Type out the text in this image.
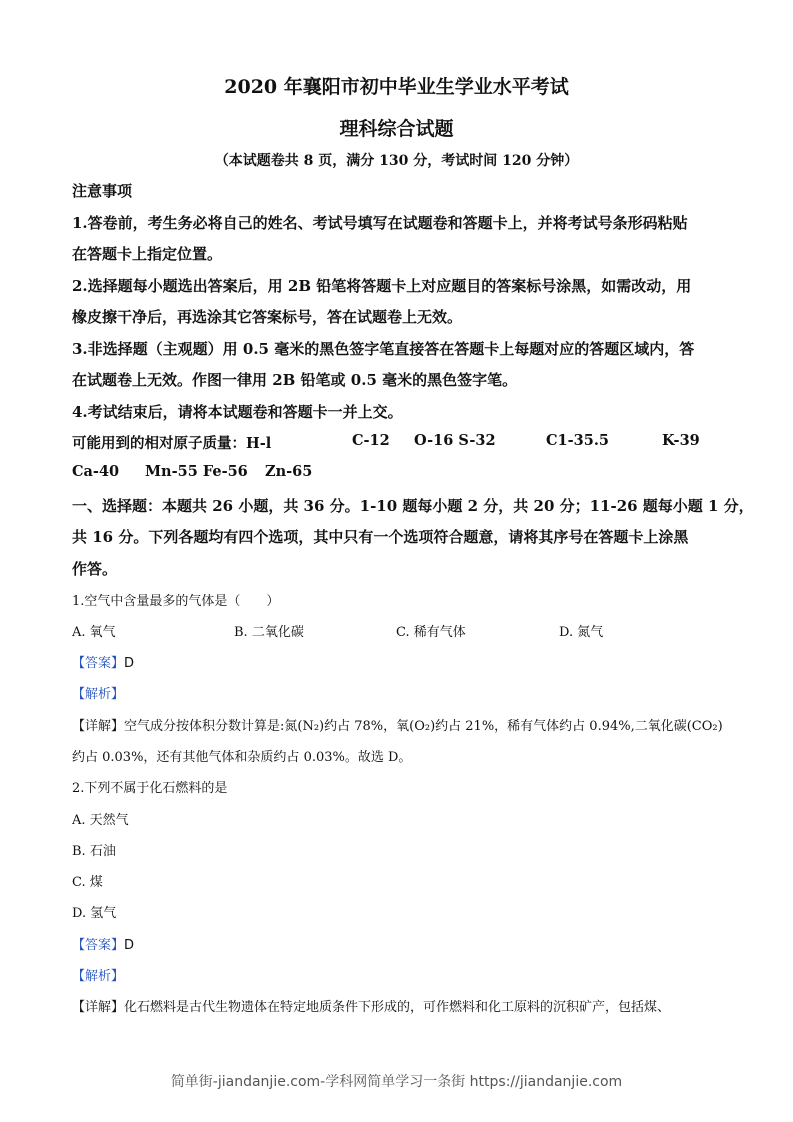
2020 年襄阳市初中毕业生学业水平考试
理科综合试题
（本试题卷共 8 页，满分 130 分，考试时间 120 分钟）
注意事项
1.答卷前，考生务必将自己的姓名、考试号填写在试题卷和答题卡上，并将考试号条形码粘贴
在答题卡上指定位置。
2.选择题每小题选出答案后，用 2B 铅笔将答题卡上对应题目的答案标号涂黑，如需改动，用
橡皮擦干净后，再选涂其它答案标号，答在试题卷上无效。
3.非选择题（主观题）用 0.5 毫米的黑色签字笔直接答在答题卡上每题对应的答题区域内，答
在试题卷上无效。作图一律用 2B 铅笔或 0.5 毫米的黑色签字笔。
4.考试结束后，请将本试题卷和答题卡一并上交。
可能用到的相对原子质量：H-l	C-12 O-16 S-32	C1-35.5	K-39
Ca-40 Mn-55 Fe-56 Zn-65
一、选择题：本题共 26 小题，共 36 分。1-10 题每小题 2 分，共 20 分；11-26 题每小题 1 分，
共 16 分。下列各题均有四个选项，其中只有一个选项符合题意，请将其序号在答题卡上涂黑
作答。
1.空气中含量最多的气体是（　　）
A. 氧气	B. 二氧化碳	C. 稀有气体	D. 氮气
【答案】D
【解析】
【详解】空气成分按体积分数计算是:氮(N₂)约占 78%，氧(O₂)约占 21%，稀有气体约占 0.94%,二氧化碳(CO₂)
约占 0.03%，还有其他气体和杂质约占 0.03%。故选 D。
2.下列不属于化石燃料的是
A. 天然气
B. 石油
C. 煤
D. 氢气
【答案】D
【解析】
【详解】化石燃料是古代生物遗体在特定地质条件下形成的，可作燃料和化工原料的沉积矿产，包括煤、
简单街-jiandanjie.com-学科网简单学习一条街 https://jiandanjie.com
